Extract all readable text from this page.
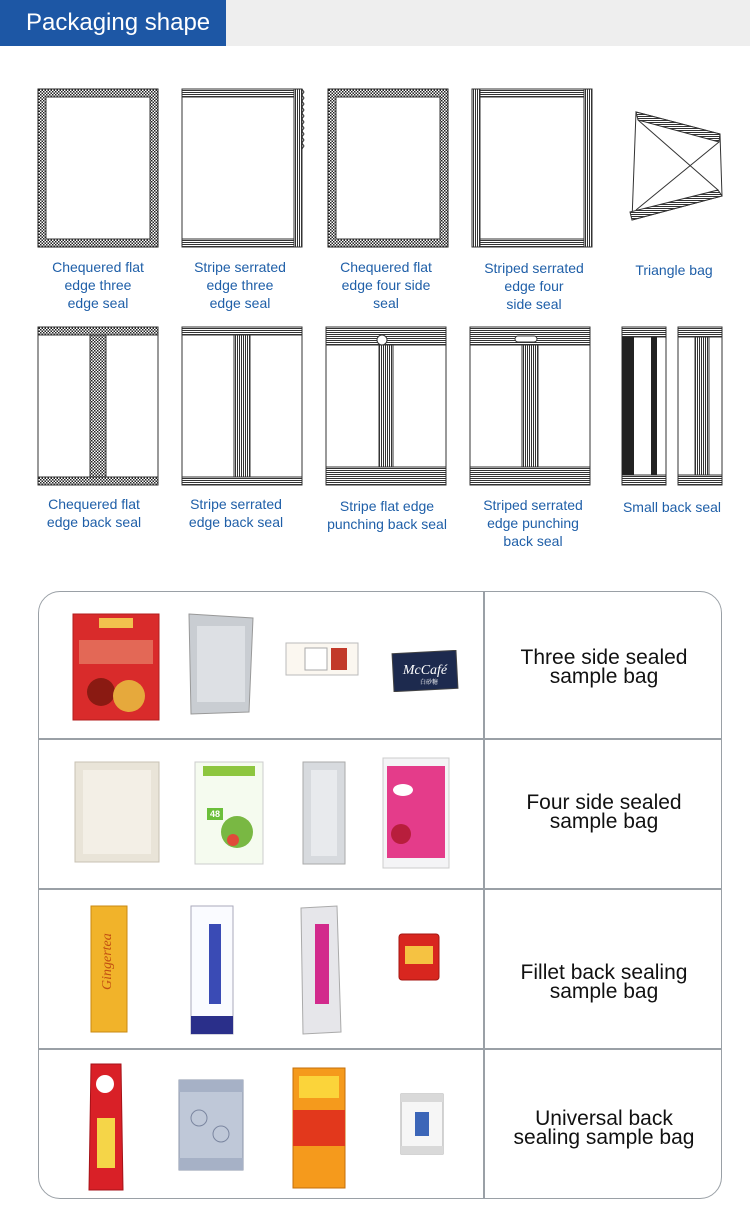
Packaging shape
Chequered flat
edge three
edge seal
Stripe serrated
edge three
edge seal
Chequered flat
edge four side
seal
Striped serrated
edge four
side seal
Triangle bag
Chequered flat
edge back seal
Stripe serrated
edge back seal
Stripe flat edge
punching back seal
Striped serrated
edge punching
back seal
Small back seal
Three side sealed
sample bag
Four side sealed
sample bag
Fillet back sealing
sample bag
Universal back
sealing sample bag
McCafé
白砂糖
48
Gingertea
